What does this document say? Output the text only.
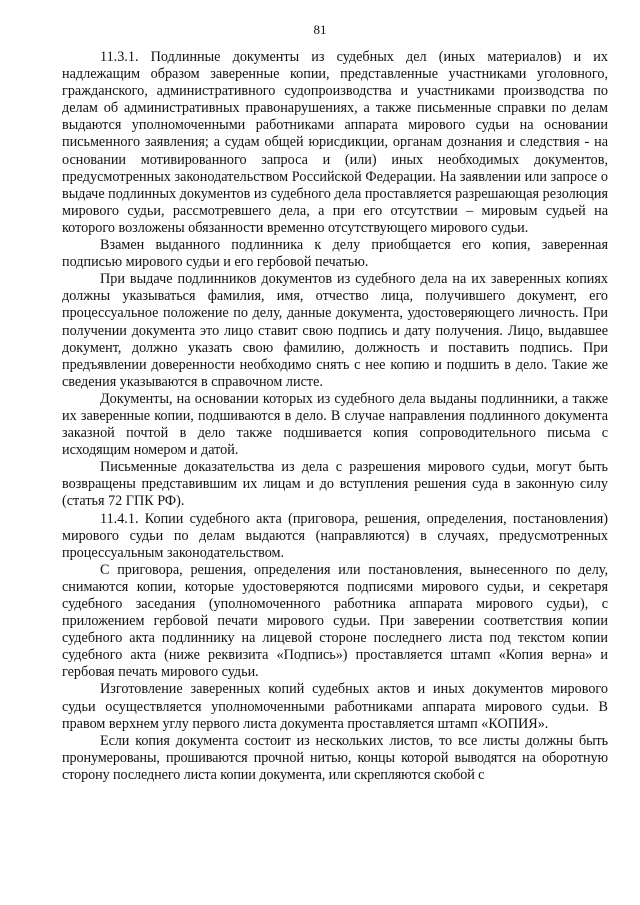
81

11.3.1. Подлинные документы из судебных дел (иных материалов) и их надлежащим образом заверенные копии, представленные участниками уголовного, гражданского, административного судопроизводства и участниками производства по делам об административных правонарушениях, а также письменные справки по делам выдаются уполномоченными работниками аппарата мирового судьи на основании письменного заявления; а судам общей юрисдикции, органам дознания и следствия - на основании мотивированного запроса и (или) иных необходимых документов, предусмотренных законодательством Российской Федерации. На заявлении или запросе о выдаче подлинных документов из судебного дела проставляется разрешающая резолюция мирового судьи, рассмотревшего дела, а при его отсутствии – мировым судьей на которого возложены обязанности временно отсутствующего мирового судьи.

Взамен выданного подлинника к делу приобщается его копия, заверенная подписью мирового судьи и его гербовой печатью.

При выдаче подлинников документов из судебного дела на их заверенных копиях должны указываться фамилия, имя, отчество лица, получившего документ, его процессуальное положение по делу, данные документа, удостоверяющего личность. При получении документа это лицо ставит свою подпись и дату получения. Лицо, выдавшее документ, должно указать свою фамилию, должность и поставить подпись. При предъявлении доверенности необходимо снять с нее копию и подшить в дело. Такие же сведения указываются в справочном листе.

Документы, на основании которых из судебного дела выданы подлинники, а также их заверенные копии, подшиваются в дело. В случае направления подлинного документа заказной почтой в дело также подшивается копия сопроводительного письма с исходящим номером и датой.

Письменные доказательства из дела с разрешения мирового судьи, могут быть возвращены представившим их лицам и до вступления решения суда в законную силу (статья 72 ГПК РФ).

11.4.1. Копии судебного акта (приговора, решения, определения, постановления) мирового судьи по делам выдаются (направляются) в случаях, предусмотренных процессуальным законодательством.

С приговора, решения, определения или постановления, вынесенного по делу, снимаются копии, которые удостоверяются подписями мирового судьи, и секретаря судебного заседания (уполномоченного работника аппарата мирового судьи), с приложением гербовой печати мирового судьи. При заверении соответствия копии судебного акта подлиннику на лицевой стороне последнего листа под текстом копии судебного акта (ниже реквизита «Подпись») проставляется штамп «Копия верна» и гербовая печать мирового судьи.

Изготовление заверенных копий судебных актов и иных документов мирового судьи осуществляется уполномоченными работниками аппарата мирового судьи. В правом верхнем углу первого листа документа проставляется штамп «КОПИЯ».

Если копия документа состоит из нескольких листов, то все листы должны быть пронумерованы, прошиваются прочной нитью, концы которой выводятся на оборотную сторону последнего листа копии документа, или скрепляются скобой с
